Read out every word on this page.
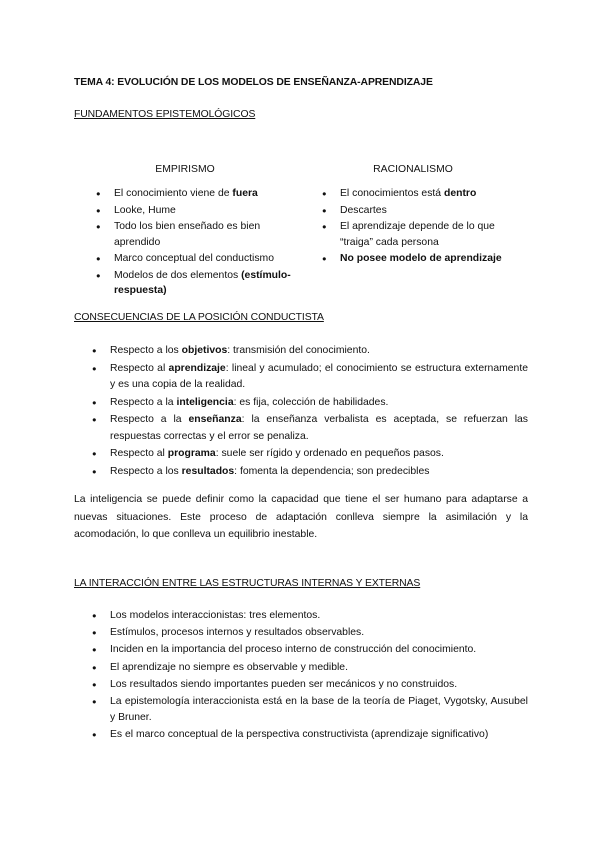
TEMA 4: EVOLUCIÓN DE LOS MODELOS DE ENSEÑANZA-APRENDIZAJE
FUNDAMENTOS EPISTEMOLÓGICOS
EMPIRISMO	RACIONALISMO
● El conocimiento viene de fuera
● Looke, Hume
● Todo los bien enseñado es bien aprendido
● Marco conceptual del conductismo
● Modelos de dos elementos (estímulo-respuesta)
● El conocimientos está dentro
● Descartes
● El aprendizaje depende de lo que “traiga” cada persona
● No posee modelo de aprendizaje
CONSECUENCIAS DE LA POSICIÓN CONDUCTISTA
● Respecto a los objetivos: transmisión del conocimiento.
● Respecto al aprendizaje: lineal y acumulado; el conocimiento se estructura externamente y es una copia de la realidad.
● Respecto a la inteligencia: es fija, colección de habilidades.
● Respecto a la enseñanza: la enseñanza verbalista es aceptada, se refuerzan las respuestas correctas y el error se penaliza.
● Respecto al programa: suele ser rígido y ordenado en pequeños pasos.
● Respecto a los resultados: fomenta la dependencia; son predecibles
La inteligencia se puede definir como la capacidad que tiene el ser humano para adaptarse a nuevas situaciones. Este proceso de adaptación conlleva siempre la asimilación y la acomodación, lo que conlleva un equilibrio inestable.
LA INTERACCIÓN ENTRE LAS ESTRUCTURAS INTERNAS Y EXTERNAS
● Los modelos interaccionistas: tres elementos.
● Estímulos, procesos internos y resultados observables.
● Inciden en la importancia del proceso interno de construcción del conocimiento.
● El aprendizaje no siempre es observable y medible.
● Los resultados siendo importantes pueden ser mecánicos y no construidos.
● La epistemología interaccionista está en la base de la teoría de Piaget, Vygotsky, Ausubel y Bruner.
● Es el marco conceptual de la perspectiva constructivista (aprendizaje significativo)
